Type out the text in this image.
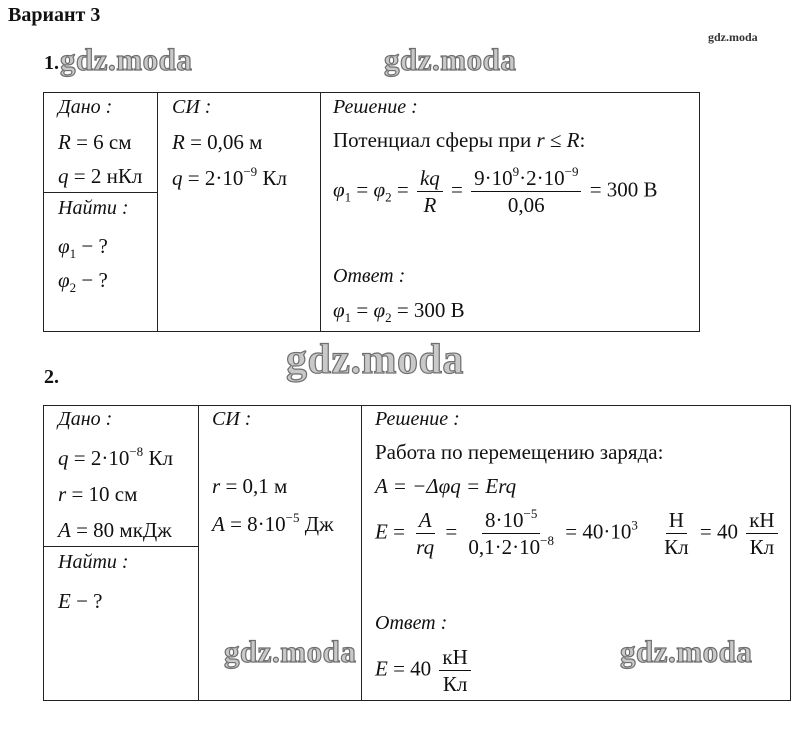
Вариант 3
gdz.moda
1. gdz.moda	gdz.moda
Дано :
R = 6 см
q = 2 нКл
Найти :
$\varphi_1$ − ?
$\varphi_2$ − ?
СИ :
R = 0,06 м
$q = 2\cdot 10^{-9}$ Кл
Решение :
Потенциал сферы при r ≤ R:
$\varphi_1 = \varphi_2 = \frac{kq}{R} = \frac{9\cdot 10^9\cdot 2\cdot 10^{-9}}{0,06} = 300$ В
Ответ :
$\varphi_1 = \varphi_2 = 300$ В
gdz.moda
2.
Дано :
$q = 2\cdot 10^{-8}$ Кл
r = 10 см
A = 80 мкДж
Найти :
E − ?
СИ :
r = 0,1 м
$A = 8\cdot 10^{-5}$ Дж
Решение :
Работа по перемещению заряда:
A = −Δφq = Erq
$E = \frac{A}{rq} = \frac{8\cdot 10^{-5}}{0,1\cdot 2\cdot 10^{-8}} = 40\cdot 10^3 \frac{Н}{Кл} = 40 \frac{кН}{Кл}$
Ответ :
$E = 40 \frac{кН}{Кл}$
gdz.moda	gdz.moda
